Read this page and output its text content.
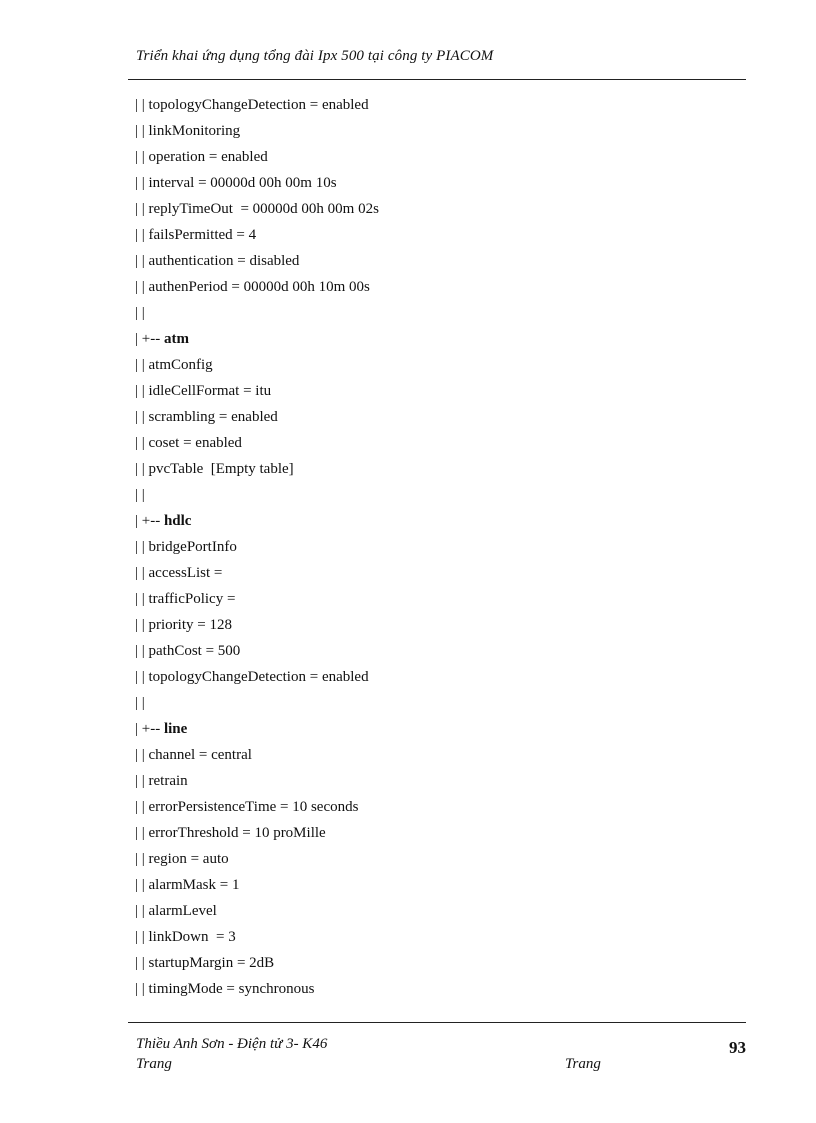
Triển khai ứng dụng tổng đài Ipx 500 tại công ty PIACOM
| | topologyChangeDetection = enabled
| | linkMonitoring
| | operation = enabled
| | interval = 00000d 00h 00m 10s
| | replyTimeOut  = 00000d 00h 00m 02s
| | failsPermitted = 4
| | authentication = disabled
| | authenPeriod = 00000d 00h 10m 00s
| |
| +-- atm
| | atmConfig
| | idleCellFormat = itu
| | scrambling = enabled
| | coset = enabled
| | pvcTable  [Empty table]
| |
| +-- hdlc
| | bridgePortInfo
| | accessList =
| | trafficPolicy =
| | priority = 128
| | pathCost = 500
| | topologyChangeDetection = enabled
| |
| +-- line
| | channel = central
| | retrain
| | errorPersistenceTime = 10 seconds
| | errorThreshold = 10 proMille
| | region = auto
| | alarmMask = 1
| | alarmLevel
| | linkDown  = 3
| | startupMargin = 2dB
| | timingMode = synchronous
Thiều Anh Sơn - Điện tử 3- K46
Trang	Trang
93
